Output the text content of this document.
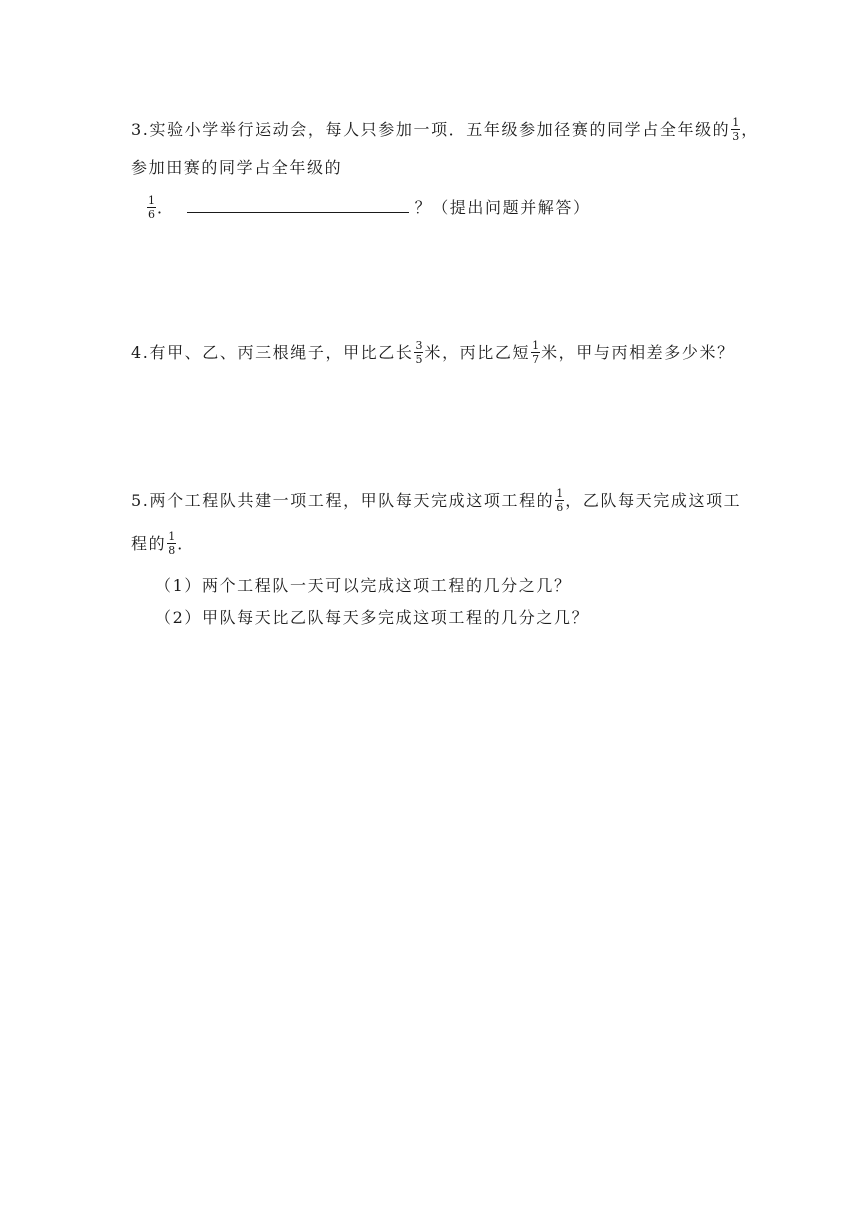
3.实验小学举行运动会，每人只参加一项．五年级参加径赛的同学占全年级的 $\frac{1}{3}$ ，
参加田赛的同学占全年级的
$\frac{1}{6}$ ．	？（提出问题并解答）
4.有甲、乙、丙三根绳子，甲比乙长 $\frac{3}{5}$ 米，丙比乙短 $\frac{1}{7}$ 米，甲与丙相差多少米？
5.两个工程队共建一项工程，甲队每天完成这项工程的 $\frac{1}{6}$ ，乙队每天完成这项工
程的 $\frac{1}{8}$ ．
（1）两个工程队一天可以完成这项工程的几分之几？
（2）甲队每天比乙队每天多完成这项工程的几分之几？
